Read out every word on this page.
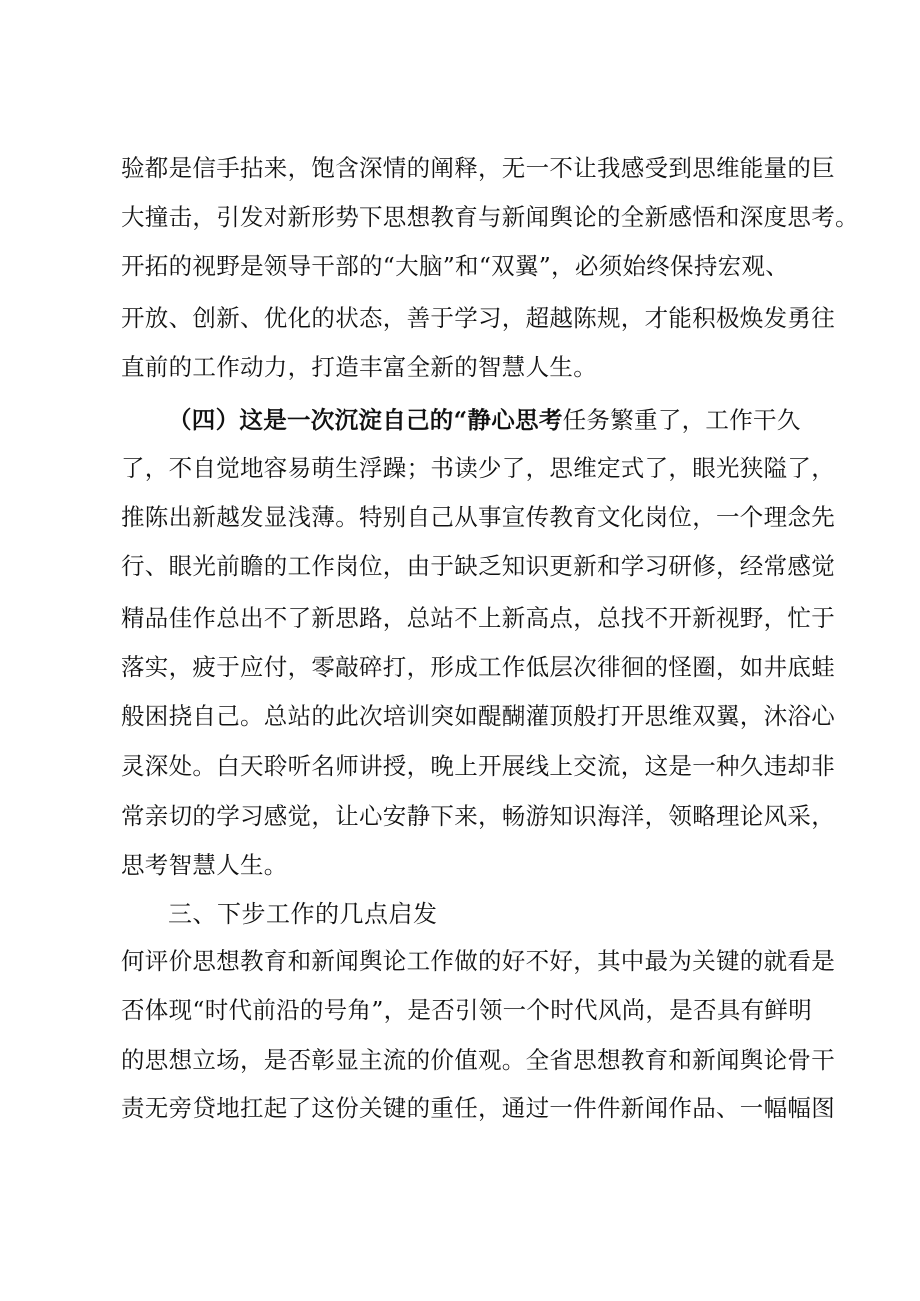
验都是信手拈来，饱含深情的阐释，无一不让我感受到思维能量的巨
大撞击，引发对新形势下思想教育与新闻舆论的全新感悟和深度思考。
开拓的视野是领导干部的“大脑”和“双翼”，必须始终保持宏观、
开放、创新、优化的状态，善于学习，超越陈规，才能积极焕发勇往
直前的工作动力，打造丰富全新的智慧人生。
（四）这是一次沉淀自己的“静心思考任务繁重了，工作干久
了，不自觉地容易萌生浮躁；书读少了，思维定式了，眼光狭隘了，
推陈出新越发显浅薄。特别自己从事宣传教育文化岗位，一个理念先
行、眼光前瞻的工作岗位，由于缺乏知识更新和学习研修，经常感觉
精品佳作总出不了新思路，总站不上新高点，总找不开新视野，忙于
落实，疲于应付，零敲碎打，形成工作低层次徘徊的怪圈，如井底蛙
般困挠自己。总站的此次培训突如醍醐灌顶般打开思维双翼，沐浴心
灵深处。白天聆听名师讲授，晚上开展线上交流，这是一种久违却非
常亲切的学习感觉，让心安静下来，畅游知识海洋，领略理论风采，
思考智慧人生。
三、下步工作的几点启发
何评价思想教育和新闻舆论工作做的好不好，其中最为关键的就看是
否体现“时代前沿的号角”，是否引领一个时代风尚，是否具有鲜明
的思想立场，是否彰显主流的价值观。全省思想教育和新闻舆论骨干
责无旁贷地扛起了这份关键的重任，通过一件件新闻作品、一幅幅图
